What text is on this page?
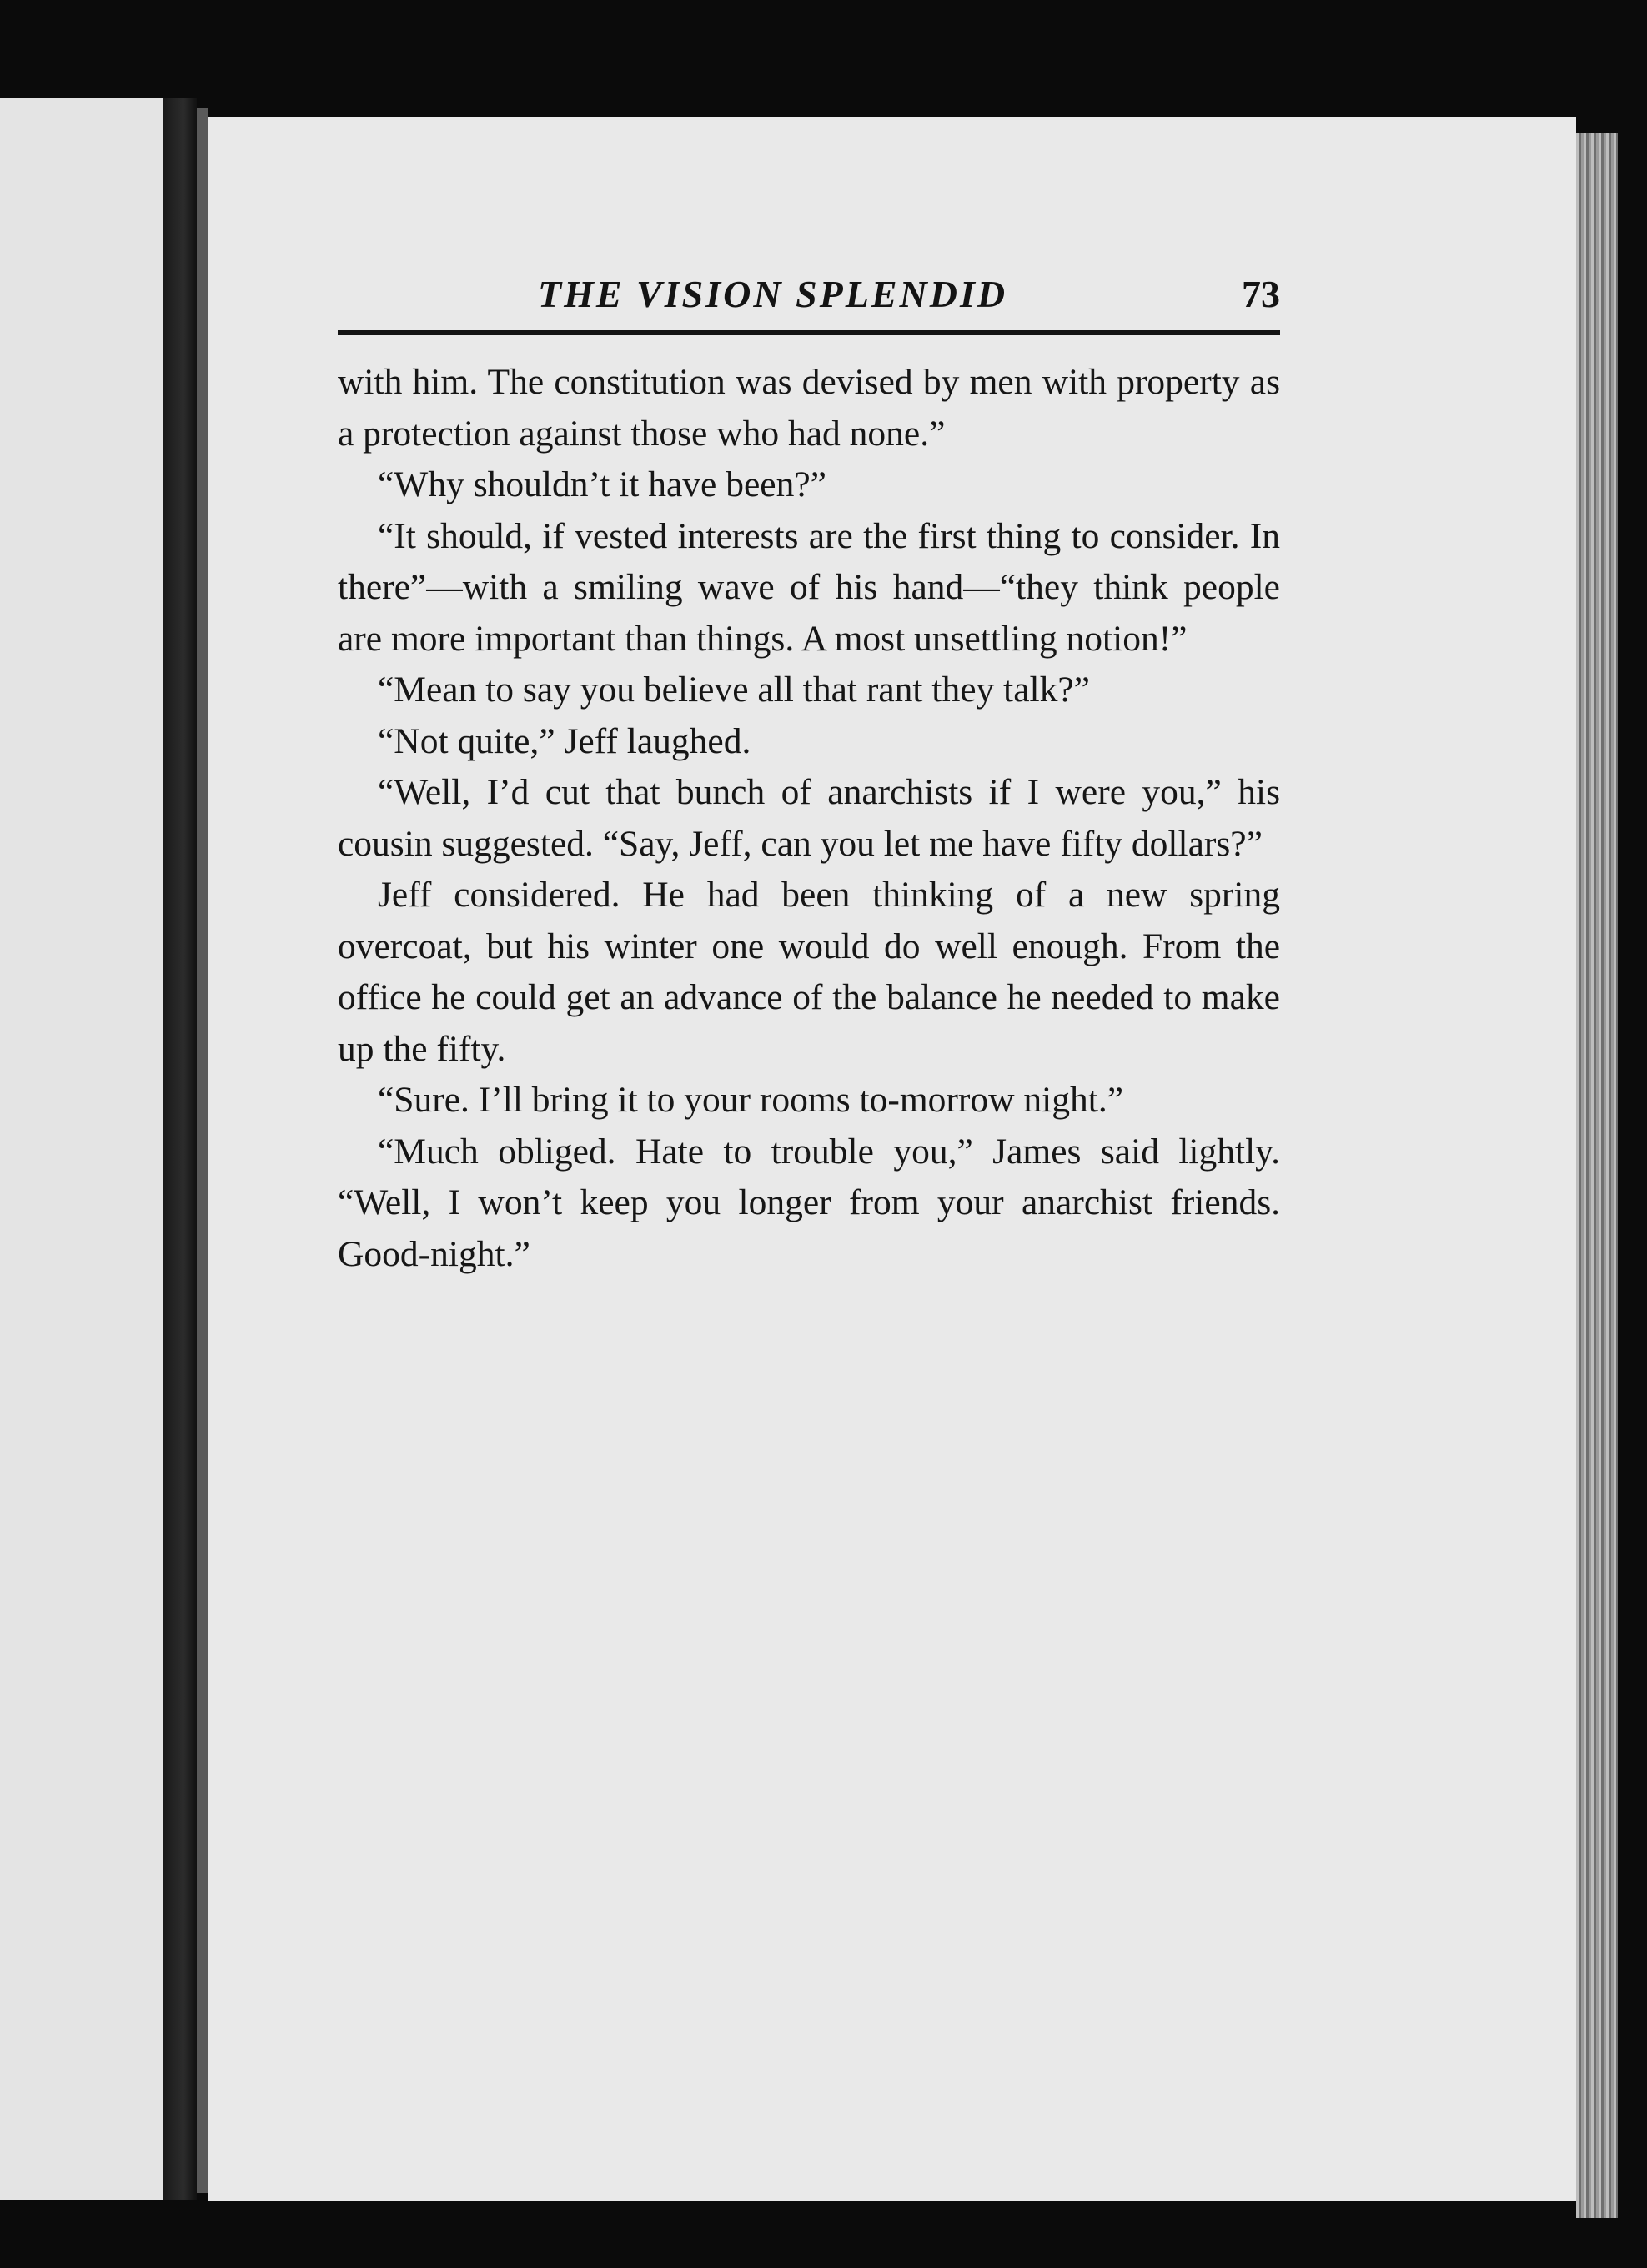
THE VISION SPLENDID	73

with him. The constitution was devised by men with property as a protection against those who had none.”

“Why shouldn’t it have been?”

“It should, if vested interests are the first thing to consider. In there”—with a smiling wave of his hand—“they think people are more important than things. A most unsettling notion!”

“Mean to say you believe all that rant they talk?”

“Not quite,” Jeff laughed.

“Well, I’d cut that bunch of anarchists if I were you,” his cousin suggested. “Say, Jeff, can you let me have fifty dollars?”

Jeff considered. He had been thinking of a new spring overcoat, but his winter one would do well enough. From the office he could get an advance of the balance he needed to make up the fifty.

“Sure. I’ll bring it to your rooms to-morrow night.”

“Much obliged. Hate to trouble you,” James said lightly. “Well, I won’t keep you longer from your anarchist friends. Good-night.”
